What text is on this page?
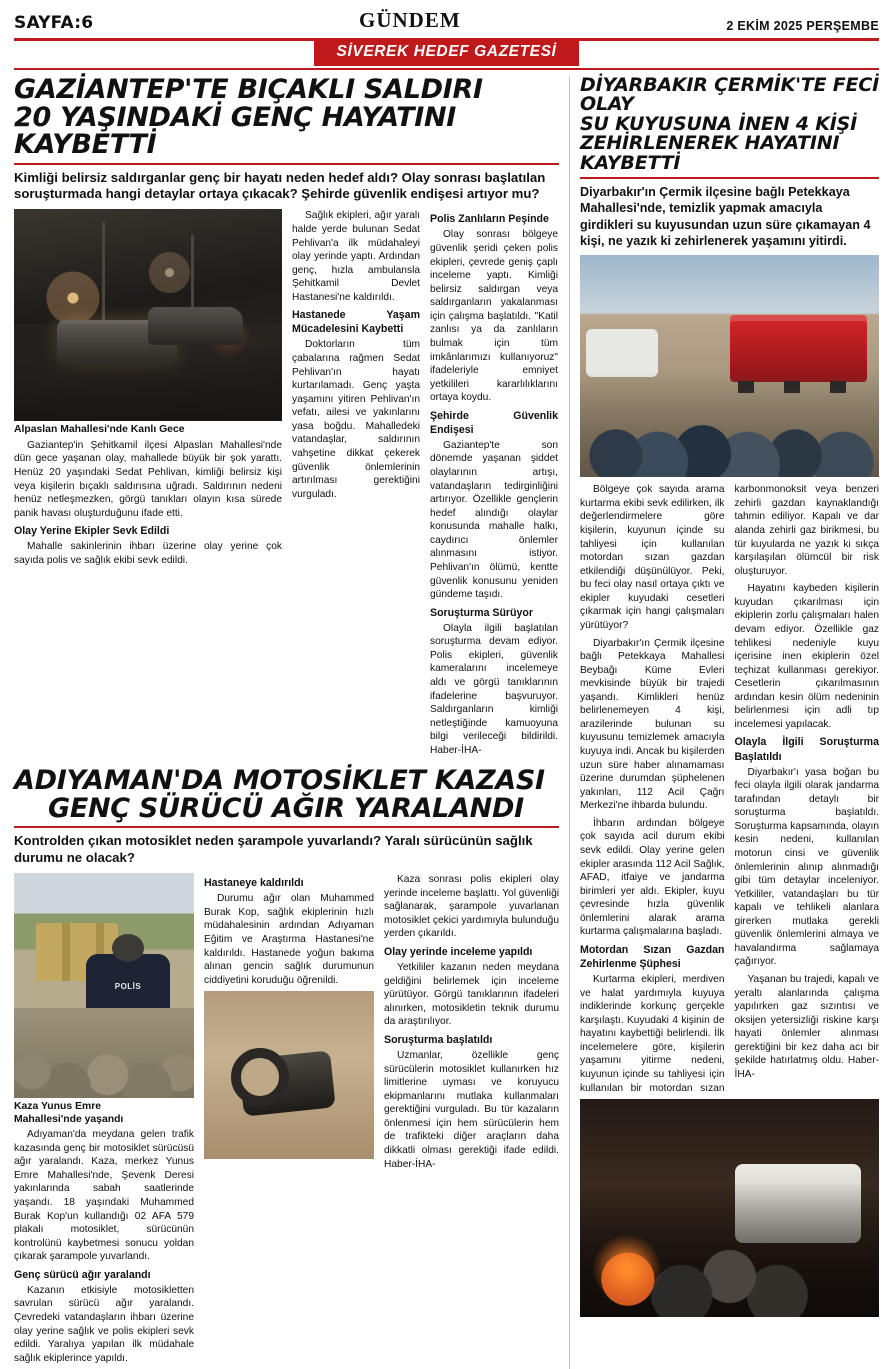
SAYFA:6	GÜNDEM	2 EKİM 2025 PERŞEMBE
SİVEREK HEDEF GAZETESİ
GAZİANTEP'TE BIÇAKLI SALDIRI
20 YAŞINDAKİ GENÇ HAYATINI KAYBETTİ

Kimliği belirsiz saldırganlar genç bir hayatı neden hedef aldı? Olay sonrası başlatılan soruşturmada hangi detaylar ortaya çıkacak? Şehirde güvenlik endişesi artıyor mu?

Alpaslan Mahallesi'nde Kanlı Gece

Gaziantep'in Şehitkamil ilçesi Alpaslan Mahallesi'nde dün gece yaşanan olay, mahallede büyük bir şok yarattı. Henüz 20 yaşındaki Sedat Pehlivan, kimliği belirsiz kişi veya kişilerin bıçaklı saldırısına uğradı. Saldırının nedeni henüz netleşmezken, görgü tanıkları olayın kısa sürede panik havası oluşturduğunu ifade etti.

Olay Yerine Ekipler Sevk Edildi

Mahalle sakinlerinin ihbarı üzerine olay yerine çok sayıda polis ve sağlık ekibi sevk edildi.

Sağlık ekipleri, ağır yaralı halde yerde bulunan Sedat Pehlivan'a ilk müdahaleyi olay yerinde yaptı. Ardından genç, hızla ambulansla Şehitkamil Devlet Hastanesi'ne kaldırıldı.

Hastanede Yaşam Mücadelesini Kaybetti

Doktorların tüm çabalarına rağmen Sedat Pehlivan'ın hayatı kurtarılamadı. Genç yaşta yaşamını yitiren Pehlivan'ın vefatı, ailesi ve yakınlarını yasa boğdu. Mahalledeki vatandaşlar, saldırının vahşetine dikkat çekerek güvenlik önlemlerinin artırılması gerektiğini vurguladı.

Polis Zanlıların Peşinde

Olay sonrası bölgeye güvenlik şeridi çeken polis ekipleri, çevrede geniş çaplı inceleme yaptı. Kimliği belirsiz saldırgan veya saldırganların yakalanması için çalışma başlatıldı. "Katil zanlısı ya da zanlıların bulmak için tüm imkânlarımızı kullanıyoruz" ifadeleriyle emniyet yetkilileri kararlılıklarını ortaya koydu.

Şehirde Güvenlik Endişesi

Gaziantep'te son dönemde yaşanan şiddet olaylarının artışı, vatandaşların tedirginliğini artırıyor. Özellikle gençlerin hedef alındığı olaylar konusunda mahalle halkı, caydırıcı önlemler alınmasını istiyor. Pehlivan'ın ölümü, kentte güvenlik konusunu yeniden gündeme taşıdı.

Soruşturma Sürüyor

Olayla ilgili başlatılan soruşturma devam ediyor. Polis ekipleri, güvenlik kameralarını incelemeye aldı ve görgü tanıklarının ifadelerine başvuruyor. Saldırganların kimliği netleştiğinde kamuoyuna bilgi verileceği bildirildi. Haber-İHA-

ADIYAMAN'DA MOTOSİKLET KAZASI
GENÇ SÜRÜCÜ AĞIR YARALANDI

Kontrolden çıkan motosiklet neden şarampole yuvarlandı? Yaralı sürücünün sağlık durumu ne olacak?

POLİS
Kaza Yunus Emre
Mahallesi'nde yaşandı

Adıyaman'da meydana gelen trafik kazasında genç bir motosiklet sürücüsü ağır yaralandı. Kaza, merkez Yunus Emre Mahallesi'nde, Şevenk Deresi yakınlarında sabah saatlerinde yaşandı. 18 yaşındaki Muhammed Burak Kop'un kullandığı 02 AFA 579 plakalı motosiklet, sürücünün kontrolünü kaybetmesi sonucu yoldan çıkarak şarampole yuvarlandı.

Genç sürücü ağır yaralandı

Kazanın etkisiyle motosikletten savrulan sürücü ağır yaralandı. Çevredeki vatandaşların ihbarı üzerine olay yerine sağlık ve polis ekipleri sevk edildi. Yaralıya yapılan ilk müdahale sağlık ekiplerince yapıldı.

Hastaneye kaldırıldı

Durumu ağır olan Muhammed Burak Kop, sağlık ekiplerinin hızlı müdahalesinin ardından Adıyaman Eğitim ve Araştırma Hastanesi'ne kaldırıldı. Hastanede yoğun bakıma alınan gencin sağlık durumunun ciddiyetini koruduğu öğrenildi.

Kaza sonrası polis ekipleri olay yerinde inceleme başlattı. Yol güvenliği sağlanarak, şarampole yuvarlanan motosiklet çekici yardımıyla bulunduğu yerden çıkarıldı.

Olay yerinde inceleme yapıldı

Yetkililer kazanın neden meydana geldiğini belirlemek için inceleme yürütüyor. Görgü tanıklarının ifadeleri alınırken, motosikletin teknik durumu da araştırılıyor.

Soruşturma başlatıldı

Uzmanlar, özellikle genç sürücülerin motosiklet kullanırken hız limitlerine uyması ve koruyucu ekipmanlarını mutlaka kullanmaları gerektiğini vurguladı. Bu tür kazaların önlenmesi için hem sürücülerin hem de trafikteki diğer araçların daha dikkatli olması gerektiği ifade edildi. Haber-İHA-

DİYARBAKIR ÇERMİK'TE FECİ OLAY
SU KUYUSUNA İNEN 4 KİŞİ
ZEHİRLENEREK HAYATINI KAYBETTİ

Diyarbakır'ın Çermik ilçesine bağlı Petekkaya Mahallesi'nde, temizlik yapmak amacıyla girdikleri su kuyusundan uzun süre çıkamayan 4 kişi, ne yazık ki zehirlenerek yaşamını yitirdi.

Bölgeye çok sayıda arama kurtarma ekibi sevk edilirken, ilk değerlendirmelere göre kişilerin, kuyunun içinde su tahliyesi için kullanılan motordan sızan gazdan etkilendiği düşünülüyor. Peki, bu feci olay nasıl ortaya çıktı ve ekipler kuyudaki cesetleri çıkarmak için hangi çalışmaları yürütüyor?

Diyarbakır'ın Çermik ilçesine bağlı Petekkaya Mahallesi Beybağı Küme Evleri mevkisinde büyük bir trajedi yaşandı. Kimlikleri henüz belirlenemeyen 4 kişi, arazilerinde bulunan su kuyusunu temizlemek amacıyla kuyuya indi. Ancak bu kişilerden uzun süre haber alınamaması üzerine durumdan şüphelenen yakınları, 112 Acil Çağrı Merkezi'ne ihbarda bulundu.

İhbarın ardından bölgeye çok sayıda acil durum ekibi sevk edildi. Olay yerine gelen ekipler arasında 112 Acil Sağlık, AFAD, itfaiye ve jandarma birimleri yer aldı. Ekipler, kuyu çevresinde hızla güvenlik önlemlerini alarak arama kurtarma çalışmalarına başladı.

Motordan Sızan Gazdan Zehirlenme Şüphesi

Kurtarma ekipleri, merdiven ve halat yardımıyla kuyuya indiklerinde korkunç gerçekle karşılaştı. Kuyudaki 4 kişinin de hayatını kaybettiği belirlendi. İlk incelemelere göre, kişilerin yaşamını yitirme nedeni, kuyunun içinde su tahliyesi için kullanılan bir motordan sızan karbonmonoksit veya benzeri zehirli gazdan kaynaklandığı tahmin ediliyor. Kapalı ve dar alanda zehirli gaz birikmesi, bu tür kuyularda ne yazık ki sıkça karşılaşılan ölümcül bir risk oluşturuyor.

Hayatını kaybeden kişilerin kuyudan çıkarılması için ekiplerin zorlu çalışmaları halen devam ediyor. Özellikle gaz tehlikesi nedeniyle kuyu içerisine inen ekiplerin özel teçhizat kullanması gerekiyor. Cesetlerin çıkarılmasının ardından kesin ölüm nedeninin belirlenmesi için adli tıp incelemesi yapılacak.

Olayla İlgili Soruşturma Başlatıldı

Diyarbakır'ı yasa boğan bu feci olayla ilgili olarak jandarma tarafından detaylı bir soruşturma başlatıldı. Soruşturma kapsamında, olayın kesin nedeni, kullanılan motorun cinsi ve güvenlik önlemlerinin alınıp alınmadığı gibi tüm detaylar inceleniyor. Yetkililer, vatandaşları bu tür kapalı ve tehlikeli alanlara girerken mutlaka gerekli güvenlik önlemlerini almaya ve havalandırma sağlamaya çağırıyor.

Yaşanan bu trajedi, kapalı ve yeraltı alanlarında çalışma yapılırken gaz sızıntısı ve oksijen yetersizliği riskine karşı hayati önlemler alınması gerektiğini bir kez daha acı bir şekilde hatırlatmış oldu. Haber-İHA-
